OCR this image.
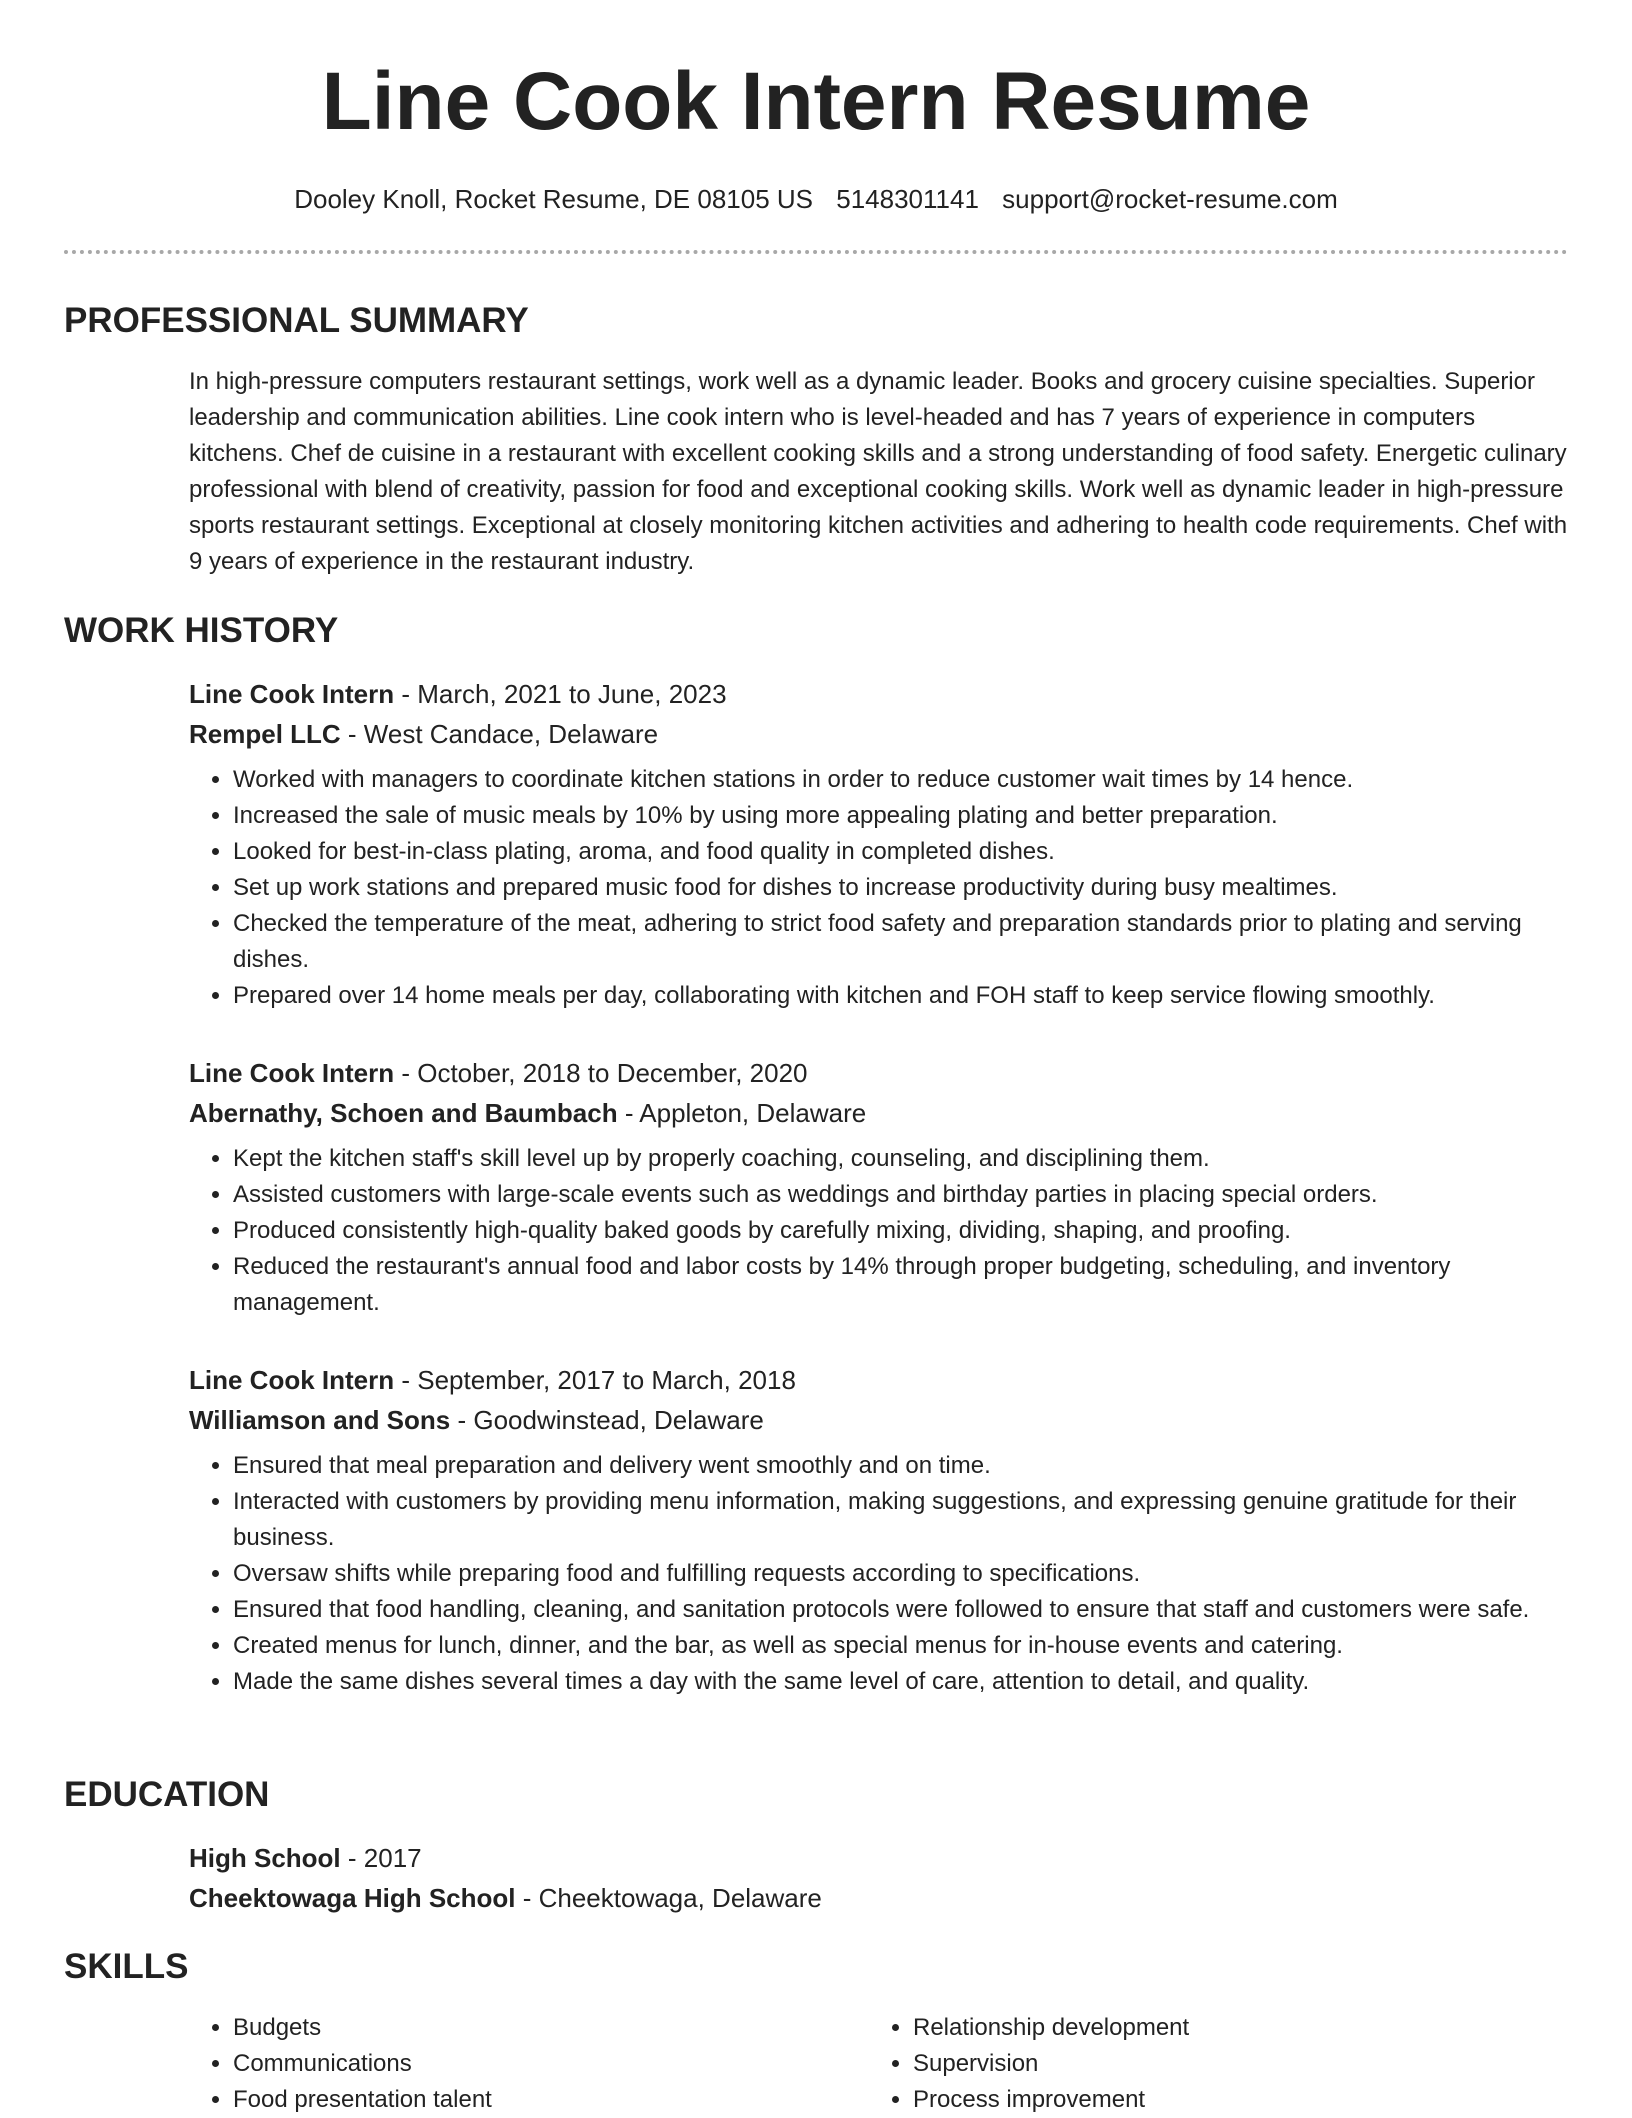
Line Cook Intern Resume
Dooley Knoll, Rocket Resume, DE 08105 US 5148301141 support@rocket-resume.com
PROFESSIONAL SUMMARY

In high-pressure computers restaurant settings, work well as a dynamic leader. Books and grocery cuisine specialties. Superior leadership and communication abilities. Line cook intern who is level-headed and has 7 years of experience in computers kitchens. Chef de cuisine in a restaurant with excellent cooking skills and a strong understanding of food safety. Energetic culinary professional with blend of creativity, passion for food and exceptional cooking skills. Work well as dynamic leader in high-pressure sports restaurant settings. Exceptional at closely monitoring kitchen activities and adhering to health code requirements. Chef with 9 years of experience in the restaurant industry.

WORK HISTORY

Line Cook Intern - March, 2021 to June, 2023

Rempel LLC - West Candace, Delaware

• Worked with managers to coordinate kitchen stations in order to reduce customer wait times by 14 hence.
• Increased the sale of music meals by 10% by using more appealing plating and better preparation.
• Looked for best-in-class plating, aroma, and food quality in completed dishes.
• Set up work stations and prepared music food for dishes to increase productivity during busy mealtimes.
• Checked the temperature of the meat, adhering to strict food safety and preparation standards prior to plating and serving dishes.
• Prepared over 14 home meals per day, collaborating with kitchen and FOH staff to keep service flowing smoothly.

Line Cook Intern - October, 2018 to December, 2020

Abernathy, Schoen and Baumbach - Appleton, Delaware

• Kept the kitchen staff's skill level up by properly coaching, counseling, and disciplining them.
• Assisted customers with large-scale events such as weddings and birthday parties in placing special orders.
• Produced consistently high-quality baked goods by carefully mixing, dividing, shaping, and proofing.
• Reduced the restaurant's annual food and labor costs by 14% through proper budgeting, scheduling, and inventory management.

Line Cook Intern - September, 2017 to March, 2018

Williamson and Sons - Goodwinstead, Delaware

• Ensured that meal preparation and delivery went smoothly and on time.
• Interacted with customers by providing menu information, making suggestions, and expressing genuine gratitude for their business.
• Oversaw shifts while preparing food and fulfilling requests according to specifications.
• Ensured that food handling, cleaning, and sanitation protocols were followed to ensure that staff and customers were safe.
• Created menus for lunch, dinner, and the bar, as well as special menus for in-house events and catering.
• Made the same dishes several times a day with the same level of care, attention to detail, and quality.
EDUCATION

High School - 2017

Cheektowaga High School - Cheektowaga, Delaware

SKILLS
• Budgets
• Communications
• Food presentation talent
• Relationship development
• Supervision
• Process improvement
